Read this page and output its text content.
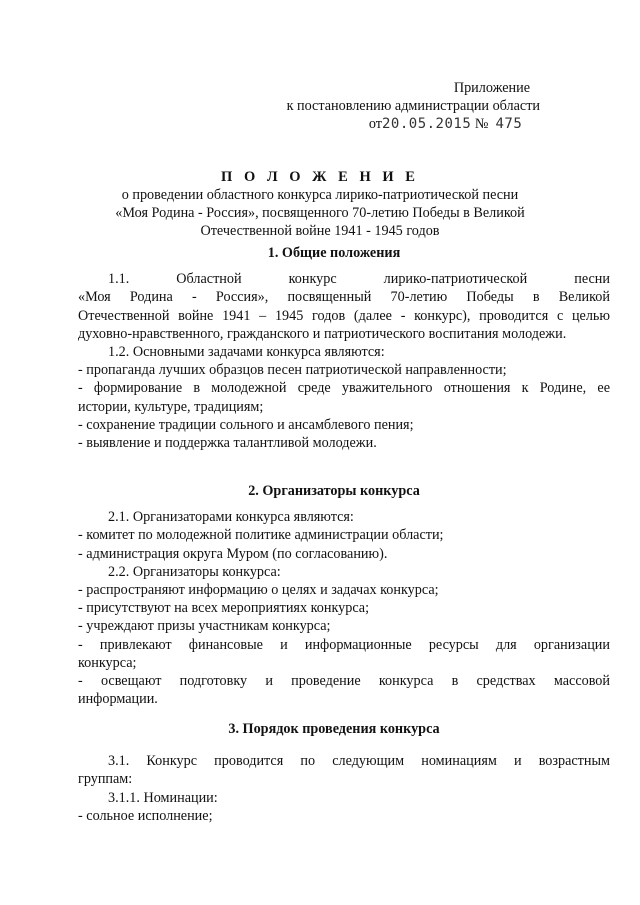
Приложение
к постановлению администрации области
от20.05.2015 № 475
П О Л О Ж Е Н И Е
о проведении областного конкурса лирико-патриотической песни
«Моя Родина - Россия», посвященного 70-летию Победы в Великой
Отечественной войне 1941 - 1945 годов
1. Общие положения
1.1. Областной конкурс лирико-патриотической песни
«Моя Родина - Россия», посвященный 70-летию Победы в Великой
Отечественной войне 1941 – 1945 годов (далее - конкурс), проводится с целью
духовно-нравственного, гражданского и патриотического воспитания молодежи.
1.2. Основными задачами конкурса являются:
- пропаганда лучших образцов песен патриотической направленности;
- формирование в молодежной среде уважительного отношения к Родине, ее
истории, культуре, традициям;
- сохранение традиции сольного и ансамблевого пения;
- выявление и поддержка талантливой молодежи.
2. Организаторы конкурса
2.1. Организаторами конкурса являются:
- комитет по молодежной политике администрации области;
- администрация округа Муром (по согласованию).
2.2. Организаторы конкурса:
- распространяют информацию о целях и задачах конкурса;
- присутствуют на всех мероприятиях конкурса;
- учреждают призы участникам конкурса;
- привлекают финансовые и информационные ресурсы для организации
конкурса;
- освещают подготовку и проведение конкурса в средствах массовой
информации.
3. Порядок проведения конкурса
3.1. Конкурс проводится по следующим номинациям и возрастным
группам:
3.1.1. Номинации:
- сольное исполнение;
